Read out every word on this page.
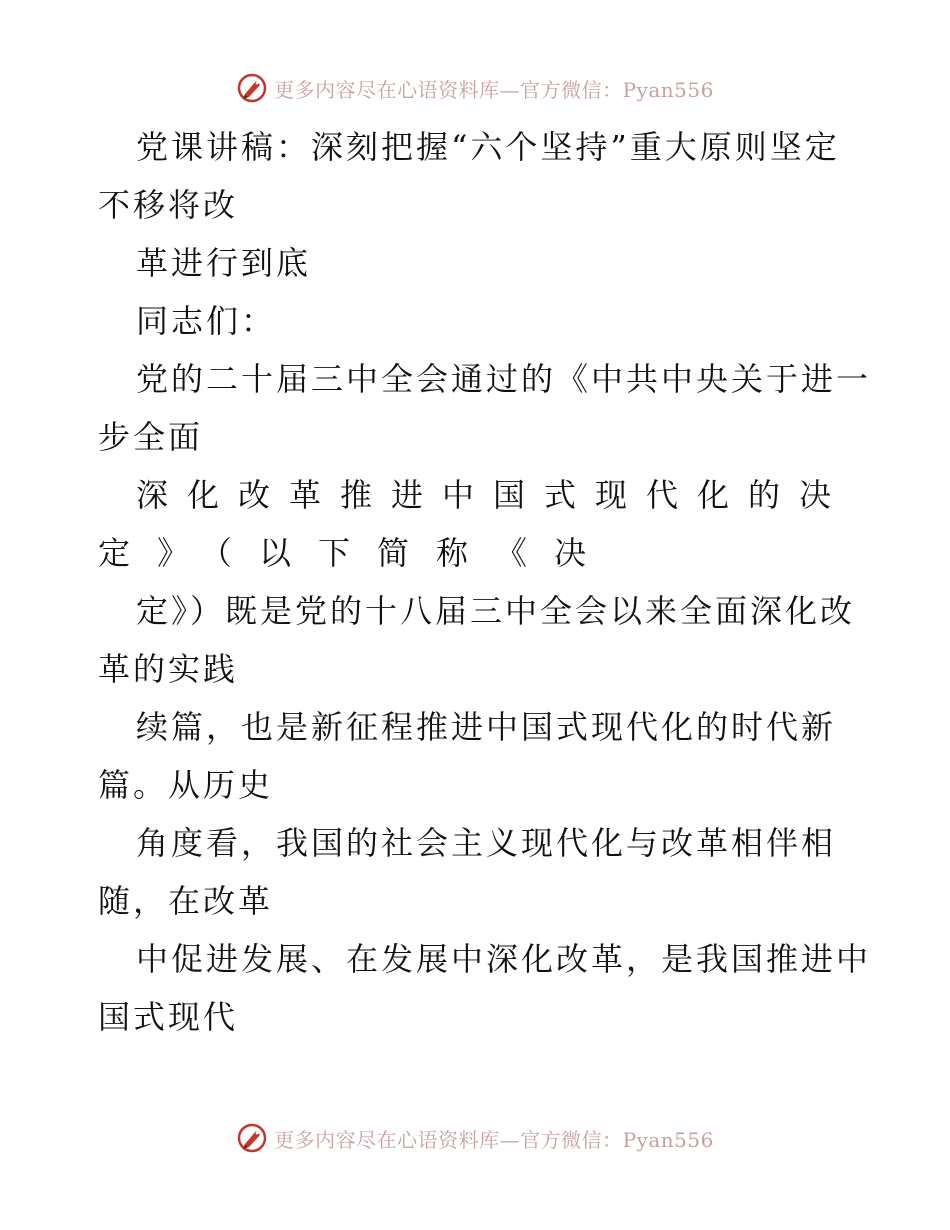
更多内容尽在心语资料库—官方微信：Pyan556
党课讲稿：深刻把握“六个坚持”重大原则坚定
不移将改
革进行到底
同志们：
党的二十届三中全会通过的《中共中央关于进一
步全面
深化改革推进中国式现代化的决
定》（以下简称《决
定》）既是党的十八届三中全会以来全面深化改
革的实践
续篇，也是新征程推进中国式现代化的时代新
篇。从历史
角度看，我国的社会主义现代化与改革相伴相
随，在改革
中促进发展、在发展中深化改革，是我国推进中
国式现代
更多内容尽在心语资料库—官方微信：Pyan556
